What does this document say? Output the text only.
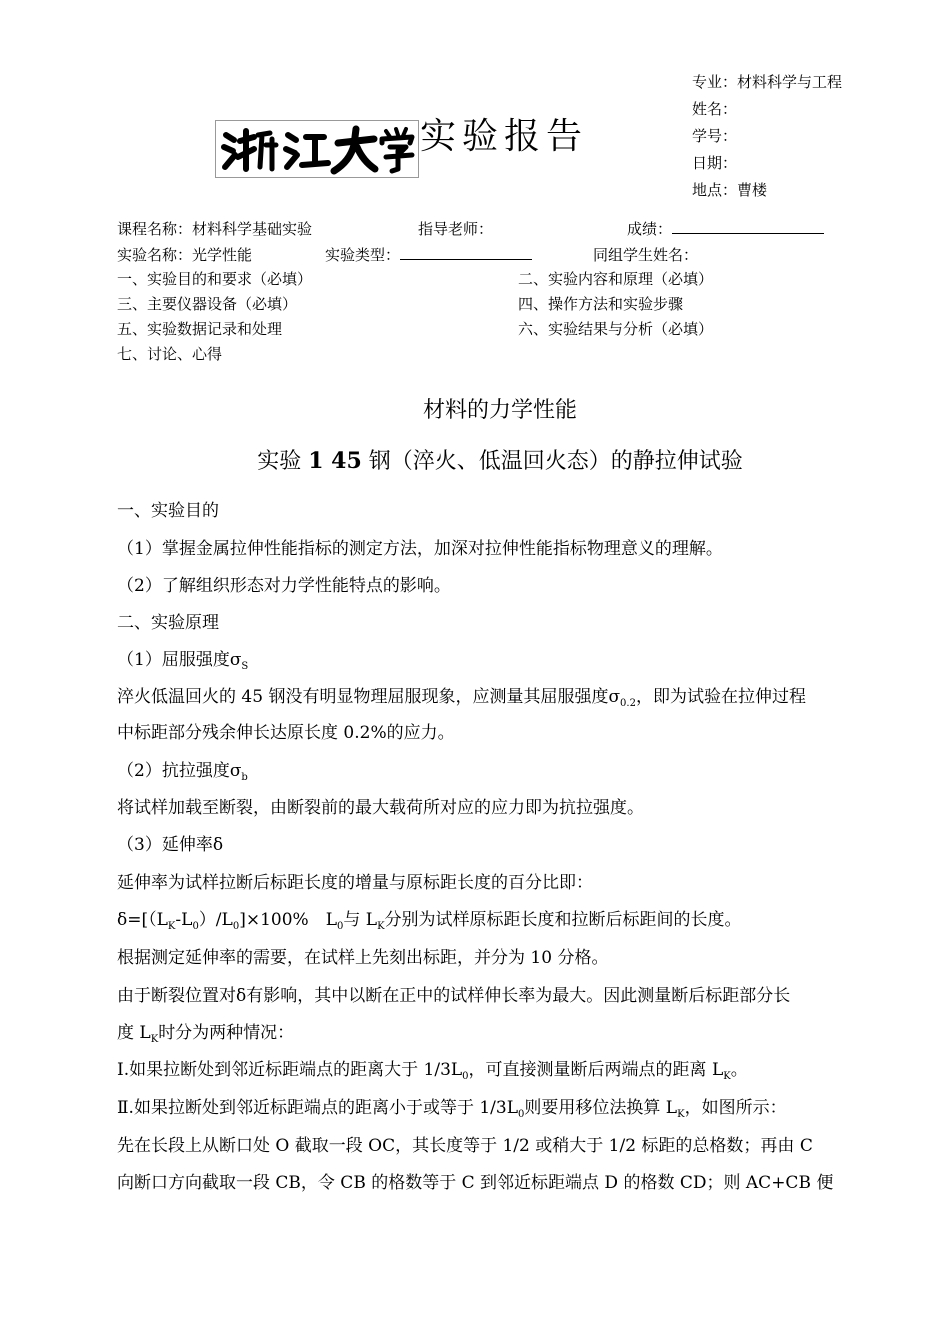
专业：材料科学与工程
姓名：
学号：
日期：
地点：曹楼
实验报告
课程名称：材料科学基础实验	指导老师：	成绩：
实验名称：光学性能	实验类型：	同组学生姓名：
一、实验目的和要求（必填）	二、实验内容和原理（必填）
三、主要仪器设备（必填）	四、操作方法和实验步骤
五、实验数据记录和处理	六、实验结果与分析（必填）
七、讨论、心得
材料的力学性能
实验 1 45 钢（淬火、低温回火态）的静拉伸试验
一、实验目的
（1）掌握金属拉伸性能指标的测定方法，加深对拉伸性能指标物理意义的理解。
（2）了解组织形态对力学性能特点的影响。
二、实验原理
（1）屈服强度$\sigma_S$
淬火低温回火的 45 钢没有明显物理屈服现象，应测量其屈服强度$\sigma_{0.2}$，即为试验在拉伸过程
中标距部分残余伸长达原长度 0.2%的应力。
（2）抗拉强度$\sigma_b$
将试样加载至断裂，由断裂前的最大载荷所对应的应力即为抗拉强度。
（3）延伸率δ
延伸率为试样拉断后标距长度的增量与原标距长度的百分比即：
$\delta=[(L_K-L_0)/L_0]\times 100\%$　$L_0$与 $L_K$分别为试样原标距长度和拉断后标距间的长度。
根据测定延伸率的需要，在试样上先刻出标距，并分为 10 分格。
由于断裂位置对δ有影响，其中以断在正中的试样伸长率为最大。因此测量断后标距部分长
度 $L_K$时分为两种情况：
Ⅰ.如果拉断处到邻近标距端点的距离大于 $1/3L_0$，可直接测量断后两端点的距离 $L_K$。
Ⅱ.如果拉断处到邻近标距端点的距离小于或等于 $1/3L_0$则要用移位法换算 $L_K$，如图所示：
先在长段上从断口处 O 截取一段 OC，其长度等于 1/2 或稍大于 1/2 标距的总格数；再由 C
向断口方向截取一段 CB，令 CB 的格数等于 C 到邻近标距端点 D 的格数 CD；则 AC+CB 便
